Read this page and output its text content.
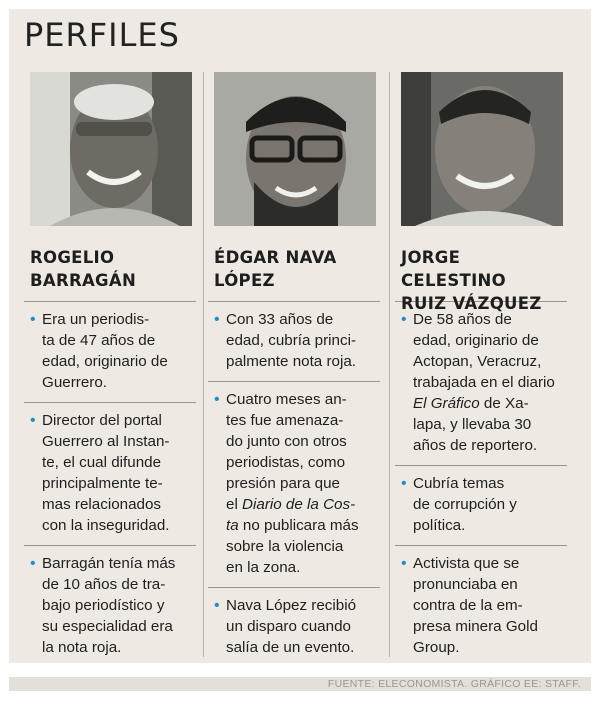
PERFILES
ROGELIO
BARRAGÁN
• Era un periodis-
ta de 47 años de
edad, originario de
Guerrero.
• Director del portal
Guerrero al Instan-
te, el cual difunde
principalmente te-
mas relacionados
con la inseguridad.
• Barragán tenía más
de 10 años de tra-
bajo periodístico y
su especialidad era
la nota roja.
ÉDGAR NAVA
LÓPEZ
• Con 33 años de
edad, cubría princi-
palmente nota roja.
• Cuatro meses an-
tes fue amenaza-
do junto con otros
periodistas, como
presión para que
el Diario de la Cos-
ta no publicara más
sobre la violencia
en la zona.
• Nava López recibió
un disparo cuando
salía de un evento.
JORGE CELESTINO
RUIZ VÁZQUEZ
• De 58 años de
edad, originario de
Actopan, Veracruz,
trabajada en el diario
El Gráfico de Xa-
lapa, y llevaba 30
años de reportero.
• Cubría temas
de corrupción y
política.
• Activista que se
pronunciaba en
contra de la em-
presa minera Gold
Group.
FUENTE: ELECONOMISTA. GRÁFICO EE: STAFF.
